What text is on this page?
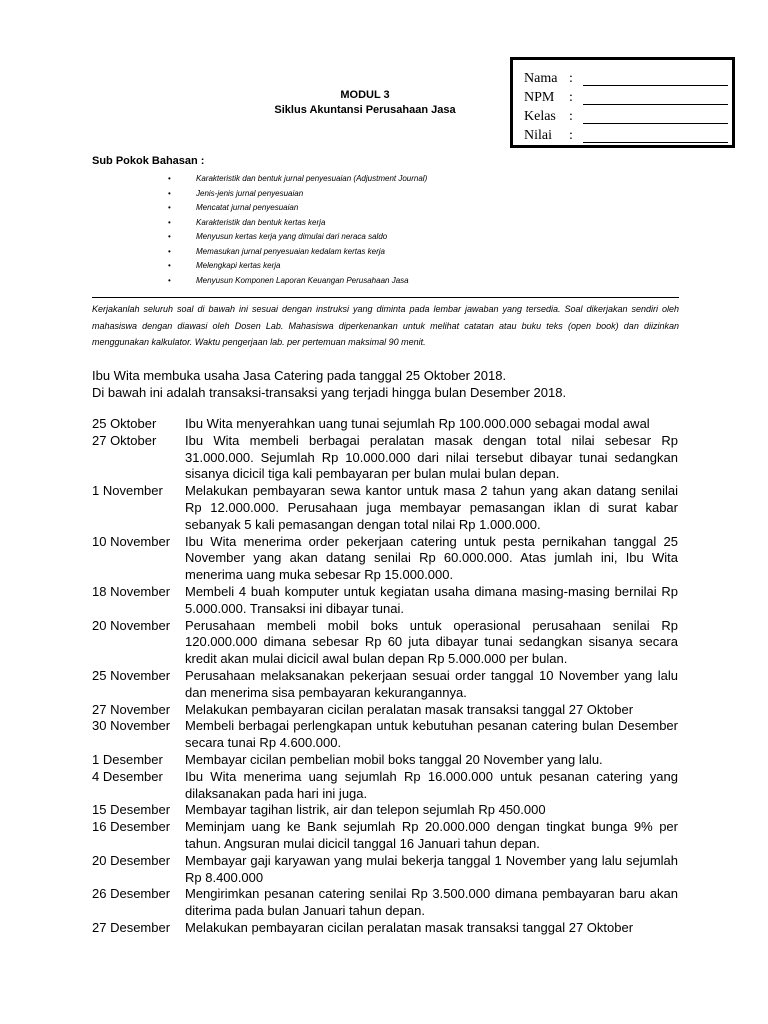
MODUL 3
Siklus Akuntansi Perusahaan Jasa
Nama :
NPM	:
Kelas :
Nilai	:
Sub Pokok Bahasan :
•	Karakteristik dan bentuk jurnal penyesuaian (Adjustment Journal)
•	Jenis-jenis jurnal penyesuaian
•	Mencatat jurnal penyesuaian
•	Karakteristik dan bentuk kertas kerja
•	Menyusun kertas kerja yang dimulai dari neraca saldo
•	Memasukan jurnal penyesuaian kedalam kertas kerja
•	Melengkapi kertas kerja
•	Menyusun Komponen Laporan Keuangan Perusahaan Jasa

Kerjakanlah seluruh soal di bawah ini sesuai dengan instruksi yang diminta pada lembar jawaban yang tersedia. Soal dikerjakan sendiri oleh mahasiswa dengan diawasi oleh Dosen Lab. Mahasiswa diperkenankan untuk melihat catatan atau buku teks (open book) dan diizinkan menggunakan kalkulator. Waktu pengerjaan lab. per pertemuan maksimal 90 menit.

Ibu Wita membuka usaha Jasa Catering pada tanggal 25 Oktober 2018.
Di bawah ini adalah transaksi-transaksi yang terjadi hingga bulan Desember 2018.
25 Oktober	Ibu Wita menyerahkan uang tunai sejumlah Rp 100.000.000 sebagai modal awal
27 Oktober	Ibu Wita membeli berbagai peralatan masak dengan total nilai sebesar Rp 31.000.000. Sejumlah Rp 10.000.000 dari nilai tersebut dibayar tunai sedangkan sisanya dicicil tiga kali pembayaran per bulan mulai bulan depan.
1 November	Melakukan pembayaran sewa kantor untuk masa 2 tahun yang akan datang senilai Rp 12.000.000. Perusahaan juga membayar pemasangan iklan di surat kabar sebanyak 5 kali pemasangan dengan total nilai Rp 1.000.000.
10 November	Ibu Wita menerima order pekerjaan catering untuk pesta pernikahan tanggal 25 November yang akan datang senilai Rp 60.000.000. Atas jumlah ini, Ibu Wita menerima uang muka sebesar Rp 15.000.000.
18 November	Membeli 4 buah komputer untuk kegiatan usaha dimana masing-masing bernilai Rp 5.000.000. Transaksi ini dibayar tunai.
20 November	Perusahaan membeli mobil boks untuk operasional perusahaan senilai Rp 120.000.000 dimana sebesar Rp 60 juta dibayar tunai sedangkan sisanya secara kredit akan mulai dicicil awal bulan depan Rp 5.000.000 per bulan.
25 November	Perusahaan melaksanakan pekerjaan sesuai order tanggal 10 November yang lalu dan menerima sisa pembayaran kekurangannya.
27 November	Melakukan pembayaran cicilan peralatan masak transaksi tanggal 27 Oktober
30 November	Membeli berbagai perlengkapan untuk kebutuhan pesanan catering bulan Desember secara tunai Rp 4.600.000.
1 Desember	Membayar cicilan pembelian mobil boks tanggal 20 November yang lalu.
4 Desember	Ibu Wita menerima uang sejumlah Rp 16.000.000 untuk pesanan catering yang dilaksanakan pada hari ini juga.
15 Desember	Membayar tagihan listrik, air dan telepon sejumlah Rp 450.000
16 Desember	Meminjam uang ke Bank sejumlah Rp 20.000.000 dengan tingkat bunga 9% per tahun. Angsuran mulai dicicil tanggal 16 Januari tahun depan.
20 Desember	Membayar gaji karyawan yang mulai bekerja tanggal 1 November yang lalu sejumlah Rp 8.400.000
26 Desember	Mengirimkan pesanan catering senilai Rp 3.500.000 dimana pembayaran baru akan diterima pada bulan Januari tahun depan.
27 Desember	Melakukan pembayaran cicilan peralatan masak transaksi tanggal 27 Oktober
